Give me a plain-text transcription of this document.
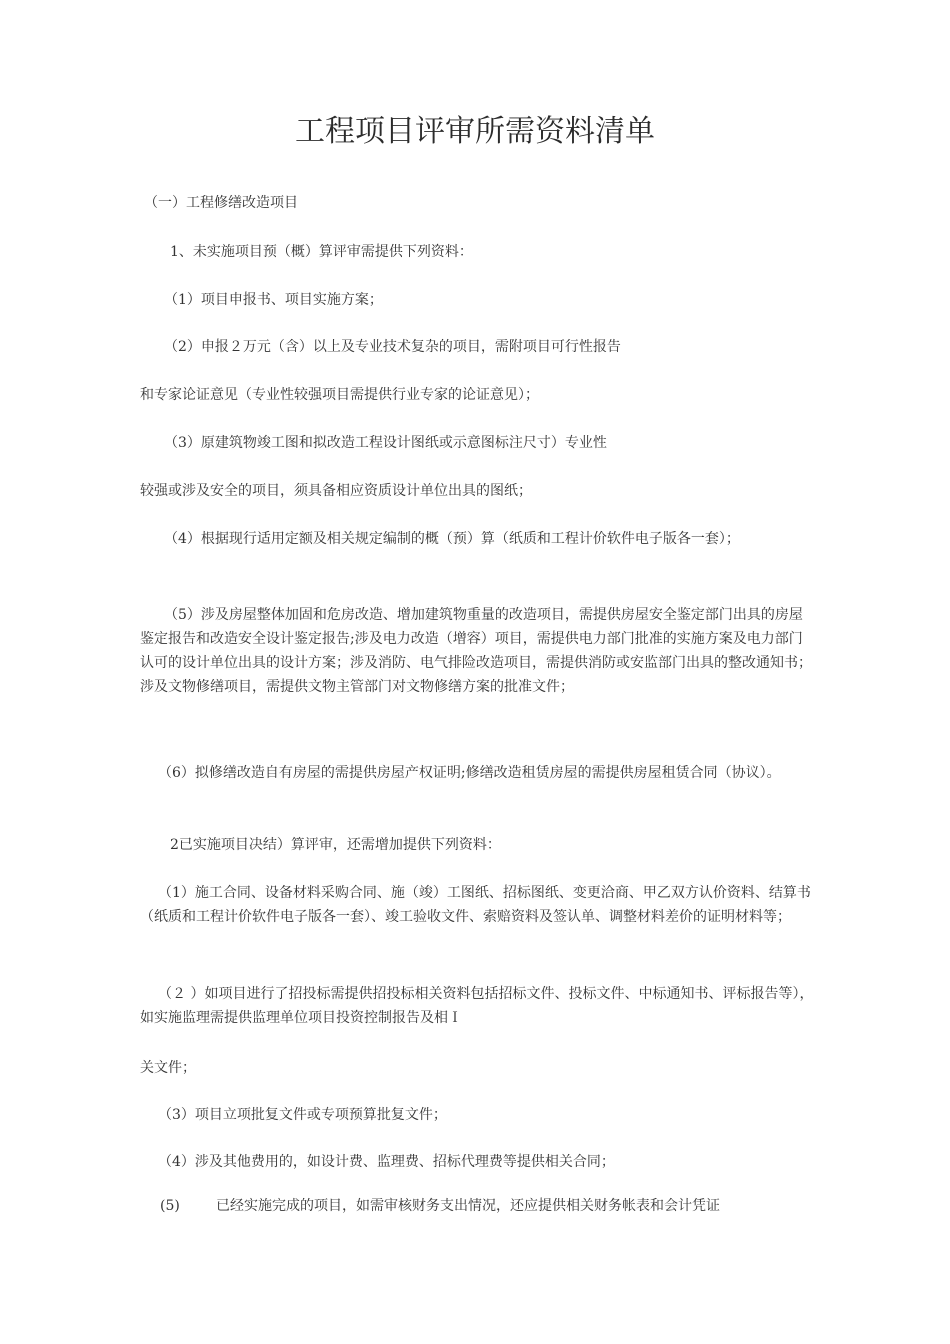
工程项目评审所需资料清单

（一）工程修缮改造项目

1、未实施项目预（概）算评审需提供下列资料：

（1）项目申报书、项目实施方案；

（2）申报２万元（含）以上及专业技术复杂的项目，需附项目可行性报告

和专家论证意见（专业性较强项目需提供行业专家的论证意见）；

（3）原建筑物竣工图和拟改造工程设计图纸或示意图标注尺寸）专业性

较强或涉及安全的项目，须具备相应资质设计单位出具的图纸；

（4）根据现行适用定额及相关规定编制的概（预）算（纸质和工程计价软件电子版各一套）；

（5）涉及房屋整体加固和危房改造、增加建筑物重量的改造项目，需提供房屋安全鉴定部门出具的房屋鉴定报告和改造安全设计鉴定报告;涉及电力改造（增容）项目，需提供电力部门批准的实施方案及电力部门认可的设计单位出具的设计方案；涉及消防、电气排险改造项目，需提供消防或安监部门出具的整改通知书；涉及文物修缮项目，需提供文物主管部门对文物修缮方案的批准文件；

（6）拟修缮改造自有房屋的需提供房屋产权证明;修缮改造租赁房屋的需提供房屋租赁合同（协议）。

2已实施项目决结）算评审，还需增加提供下列资料：

（1）施工合同、设备材料采购合同、施（竣）工图纸、招标图纸、变更洽商、甲乙双方认价资料、结算书（纸质和工程计价软件电子版各一套）、竣工验收文件、索赔资料及签认单、调整材料差价的证明材料等；

（２ ）如项目进行了招投标需提供招投标相关资料包括招标文件、投标文件、中标通知书、评标报告等），如实施监理需提供监理单位项目投资控制报告及相Ｉ

关文件；

（3）项目立项批复文件或专项预算批复文件；

（4）涉及其他费用的，如设计费、监理费、招标代理费等提供相关合同；

(5)	已经实施完成的项目，如需审核财务支出情况，还应提供相关财务帐表和会计凭证
